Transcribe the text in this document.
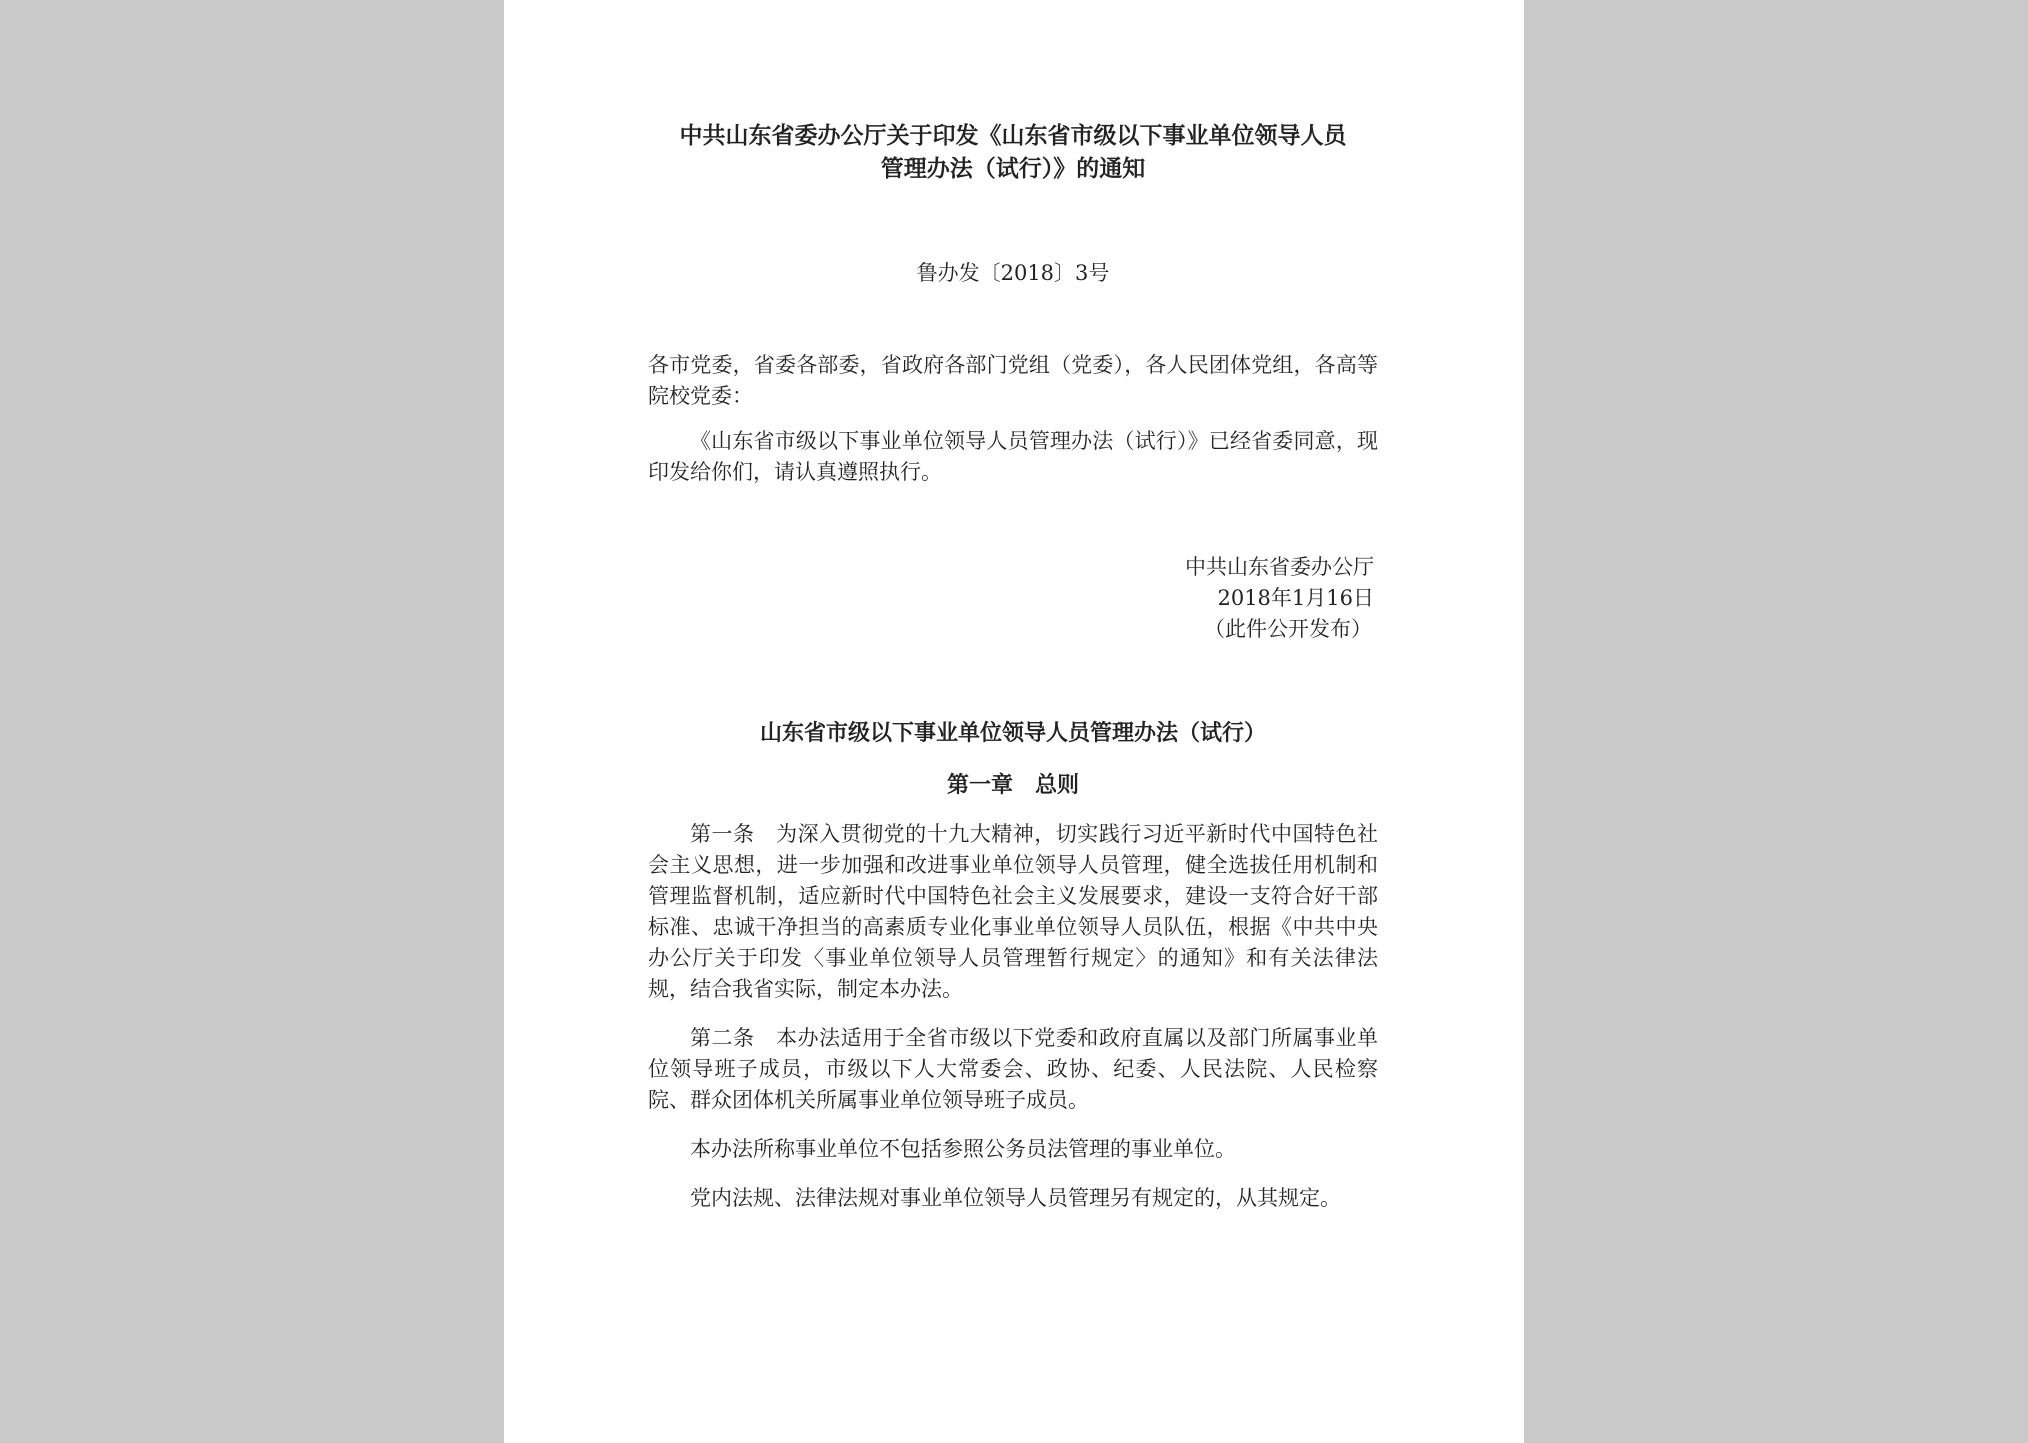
中共山东省委办公厅关于印发《山东省市级以下事业单位领导人员
管理办法（试行）》的通知
鲁办发〔2018〕3号
各市党委，省委各部委，省政府各部门党组（党委），各人民团体党组，各高等院校党委：

《山东省市级以下事业单位领导人员管理办法（试行）》已经省委同意，现印发给你们，请认真遵照执行。

中共山东省委办公厅
2018年1月16日
（此件公开发布）
山东省市级以下事业单位领导人员管理办法（试行）
第一章　总则

第一条　为深入贯彻党的十九大精神，切实践行习近平新时代中国特色社会主义思想，进一步加强和改进事业单位领导人员管理，健全选拔任用机制和管理监督机制，适应新时代中国特色社会主义发展要求，建设一支符合好干部标准、忠诚干净担当的高素质专业化事业单位领导人员队伍，根据《中共中央办公厅关于印发〈事业单位领导人员管理暂行规定〉的通知》和有关法律法规，结合我省实际，制定本办法。

第二条　本办法适用于全省市级以下党委和政府直属以及部门所属事业单位领导班子成员，市级以下人大常委会、政协、纪委、人民法院、人民检察院、群众团体机关所属事业单位领导班子成员。

本办法所称事业单位不包括参照公务员法管理的事业单位。

党内法规、法律法规对事业单位领导人员管理另有规定的，从其规定。
